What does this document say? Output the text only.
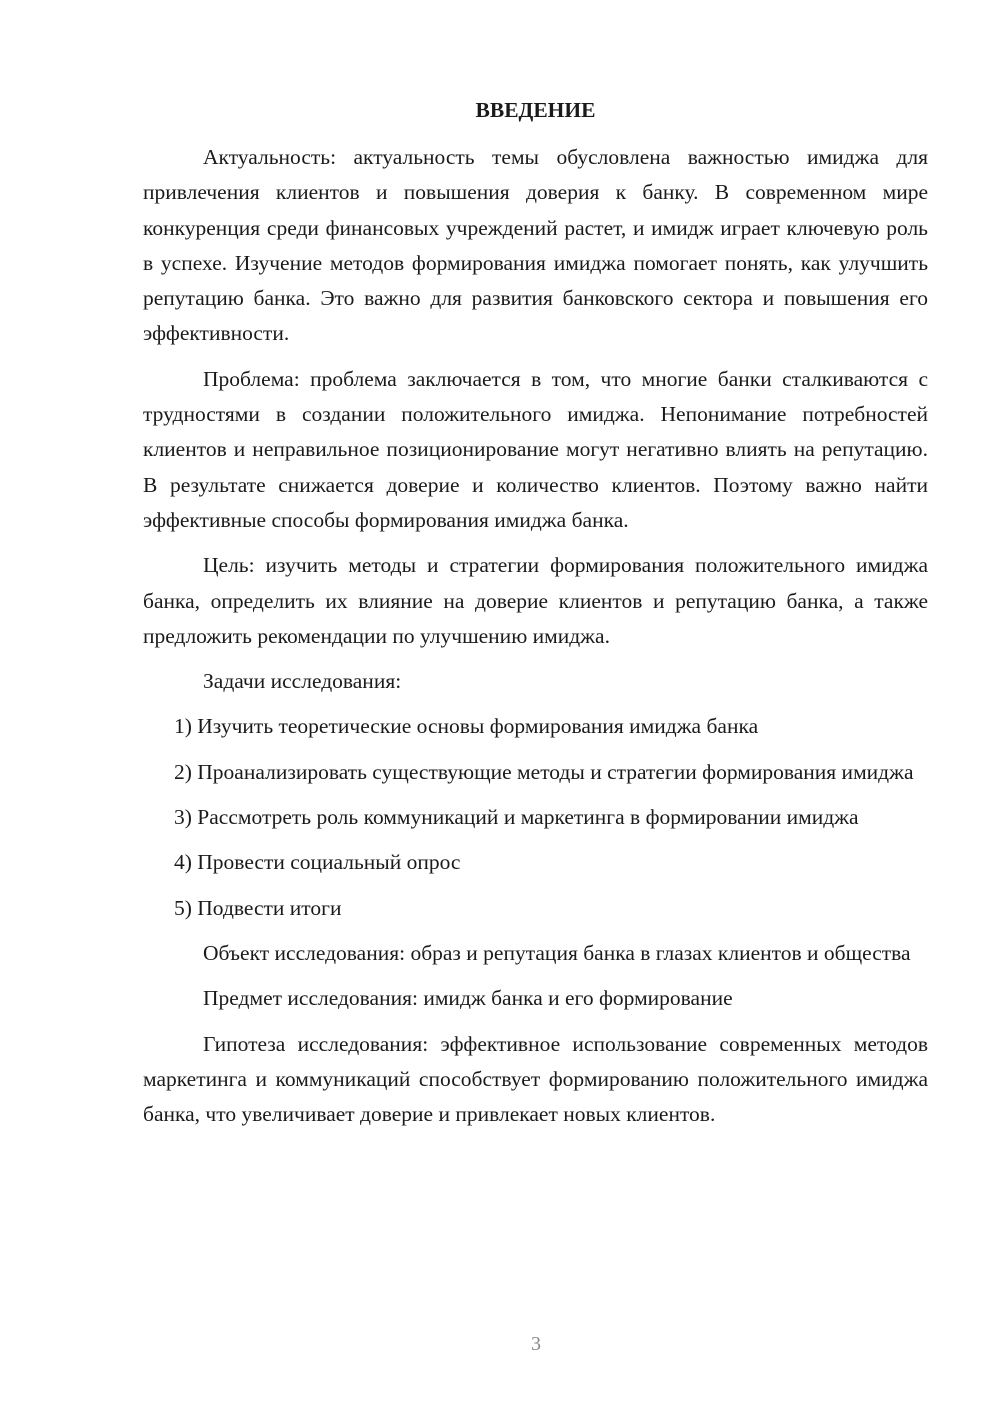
ВВЕДЕНИЕ

Актуальность: актуальность темы обусловлена важностью имиджа для привлечения клиентов и повышения доверия к банку. В современном мире конкуренция среди финансовых учреждений растет, и имидж играет ключевую роль в успехе. Изучение методов формирования имиджа помогает понять, как улучшить репутацию банка. Это важно для развития банковского сектора и повышения его эффективности.

Проблема: проблема заключается в том, что многие банки сталкиваются с трудностями в создании положительного имиджа. Непонимание потребностей клиентов и неправильное позиционирование могут негативно влиять на репутацию. В результате снижается доверие и количество клиентов. Поэтому важно найти эффективные способы формирования имиджа банка.

Цель: изучить методы и стратегии формирования положительного имиджа банка, определить их влияние на доверие клиентов и репутацию банка, а также предложить рекомендации по улучшению имиджа.

Задачи исследования:

1) Изучить теоретические основы формирования имиджа банка

2) Проанализировать существующие методы и стратегии формирования имиджа

3) Рассмотреть роль коммуникаций и маркетинга в формировании имиджа

4) Провести социальный опрос

5) Подвести итоги

Объект исследования: образ и репутация банка в глазах клиентов и общества

Предмет исследования: имидж банка и его формирование

Гипотеза исследования: эффективное использование современных методов маркетинга и коммуникаций способствует формированию положительного имиджа банка, что увеличивает доверие и привлекает новых клиентов.

3
